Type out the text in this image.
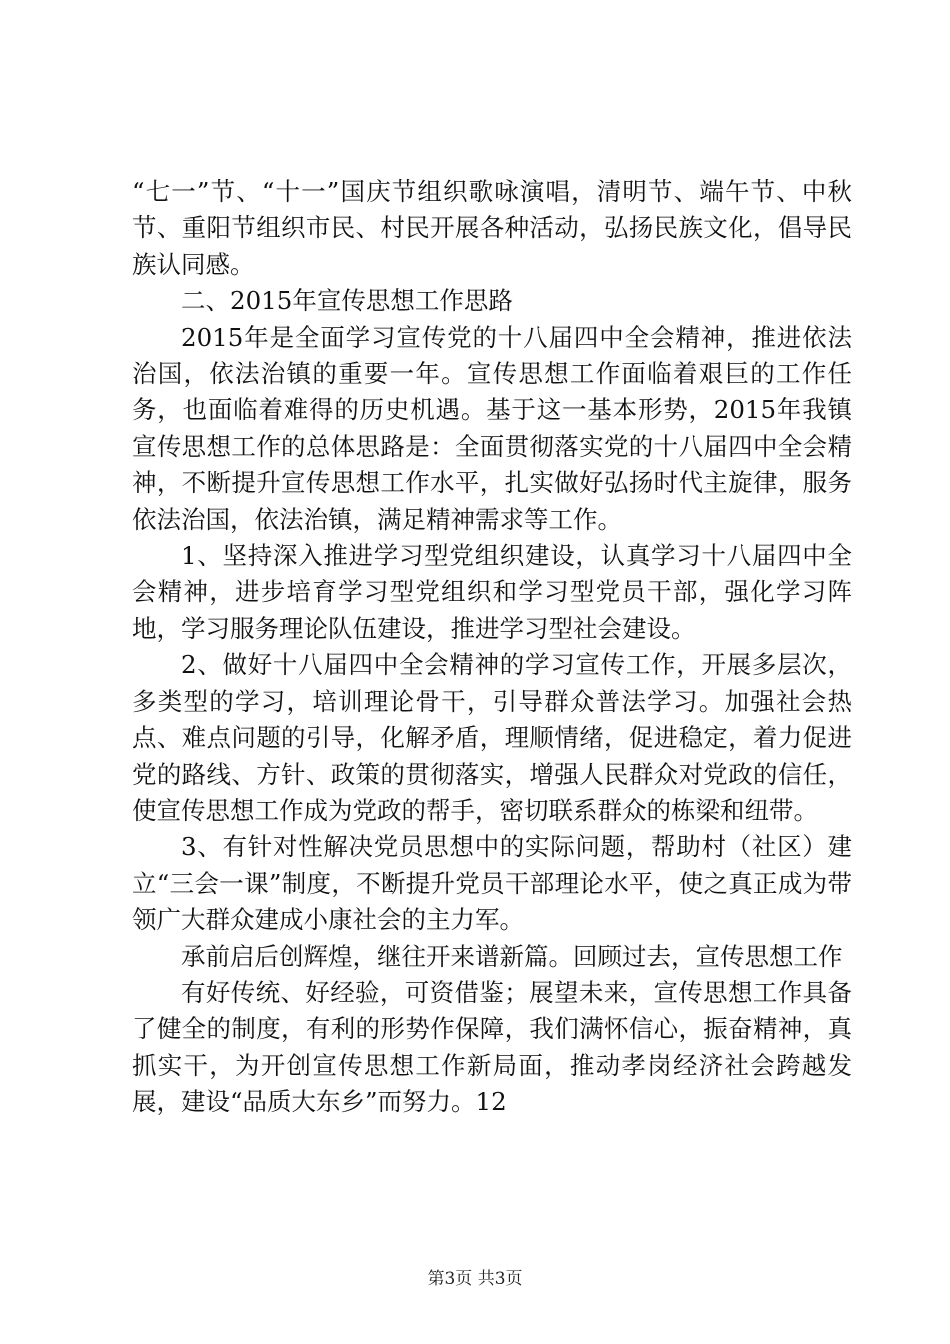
“七一”节、“十一”国庆节组织歌咏演唱，清明节、端午节、中秋节、重阳节组织市民、村民开展各种活动，弘扬民族文化，倡导民族认同感。

二、2015年宣传思想工作思路

2015年是全面学习宣传党的十八届四中全会精神，推进依法治国，依法治镇的重要一年。宣传思想工作面临着艰巨的工作任务，也面临着难得的历史机遇。基于这一基本形势，2015年我镇宣传思想工作的总体思路是：全面贯彻落实党的十八届四中全会精神，不断提升宣传思想工作水平，扎实做好弘扬时代主旋律，服务依法治国，依法治镇，满足精神需求等工作。

1、坚持深入推进学习型党组织建设，认真学习十八届四中全会精神，进步培育学习型党组织和学习型党员干部，强化学习阵地，学习服务理论队伍建设，推进学习型社会建设。

2、做好十八届四中全会精神的学习宣传工作，开展多层次，多类型的学习，培训理论骨干，引导群众普法学习。加强社会热点、难点问题的引导，化解矛盾，理顺情绪，促进稳定，着力促进党的路线、方针、政策的贯彻落实，增强人民群众对党政的信任，使宣传思想工作成为党政的帮手，密切联系群众的栋梁和纽带。

3、有针对性解决党员思想中的实际问题，帮助村（社区）建立“三会一课”制度，不断提升党员干部理论水平，使之真正成为带领广大群众建成小康社会的主力军。

承前启后创辉煌，继往开来谱新篇。回顾过去，宣传思想工作

有好传统、好经验，可资借鉴；展望未来，宣传思想工作具备了健全的制度，有利的形势作保障，我们满怀信心，振奋精神，真抓实干，为开创宣传思想工作新局面，推动孝岗经济社会跨越发展，建设“品质大东乡”而努力。12

第3页 共3页
